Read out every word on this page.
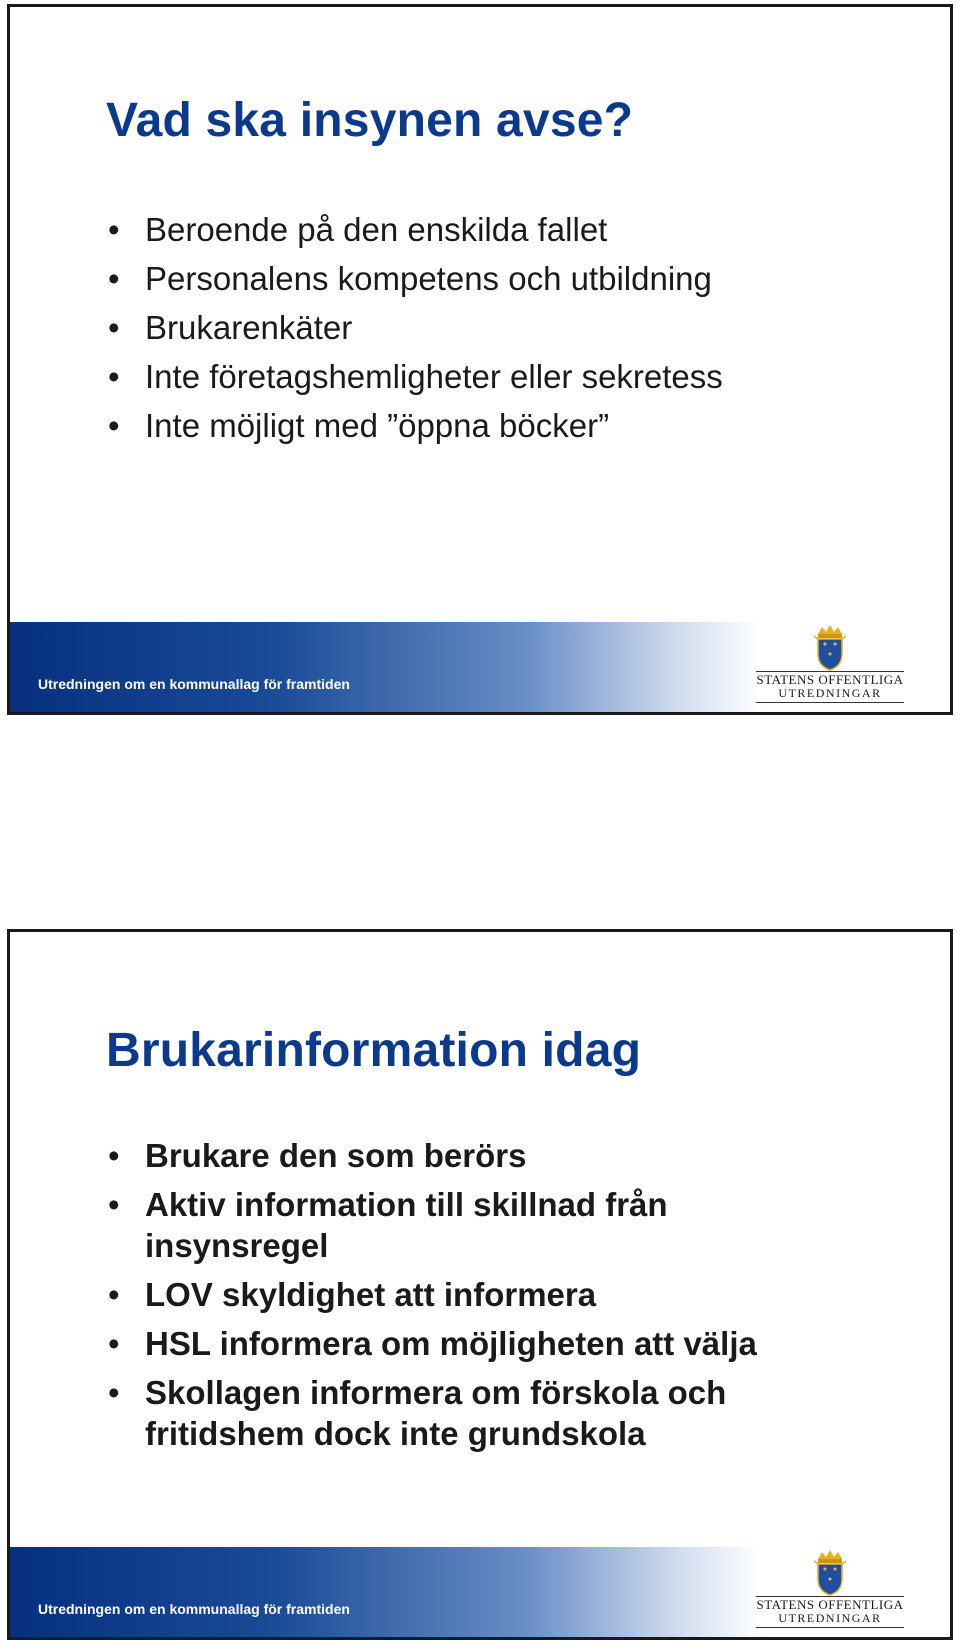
Vad ska insynen avse?
• Beroende på den enskilda fallet
• Personalens kompetens och utbildning
• Brukarenkäter
• Inte företagshemligheter eller sekretess
• Inte möjligt med ”öppna böcker”
Utredningen om en kommunallag för framtiden	STATENS OFFENTLIGA
UTREDNINGAR
Brukarinformation idag
• Brukare den som berörs
• Aktiv information till skillnad från insynsregel
• LOV skyldighet att informera
• HSL informera om möjligheten att välja
• Skollagen informera om förskola och fritidshem dock inte grundskola
Utredningen om en kommunallag för framtiden	STATENS OFFENTLIGA
UTREDNINGAR
